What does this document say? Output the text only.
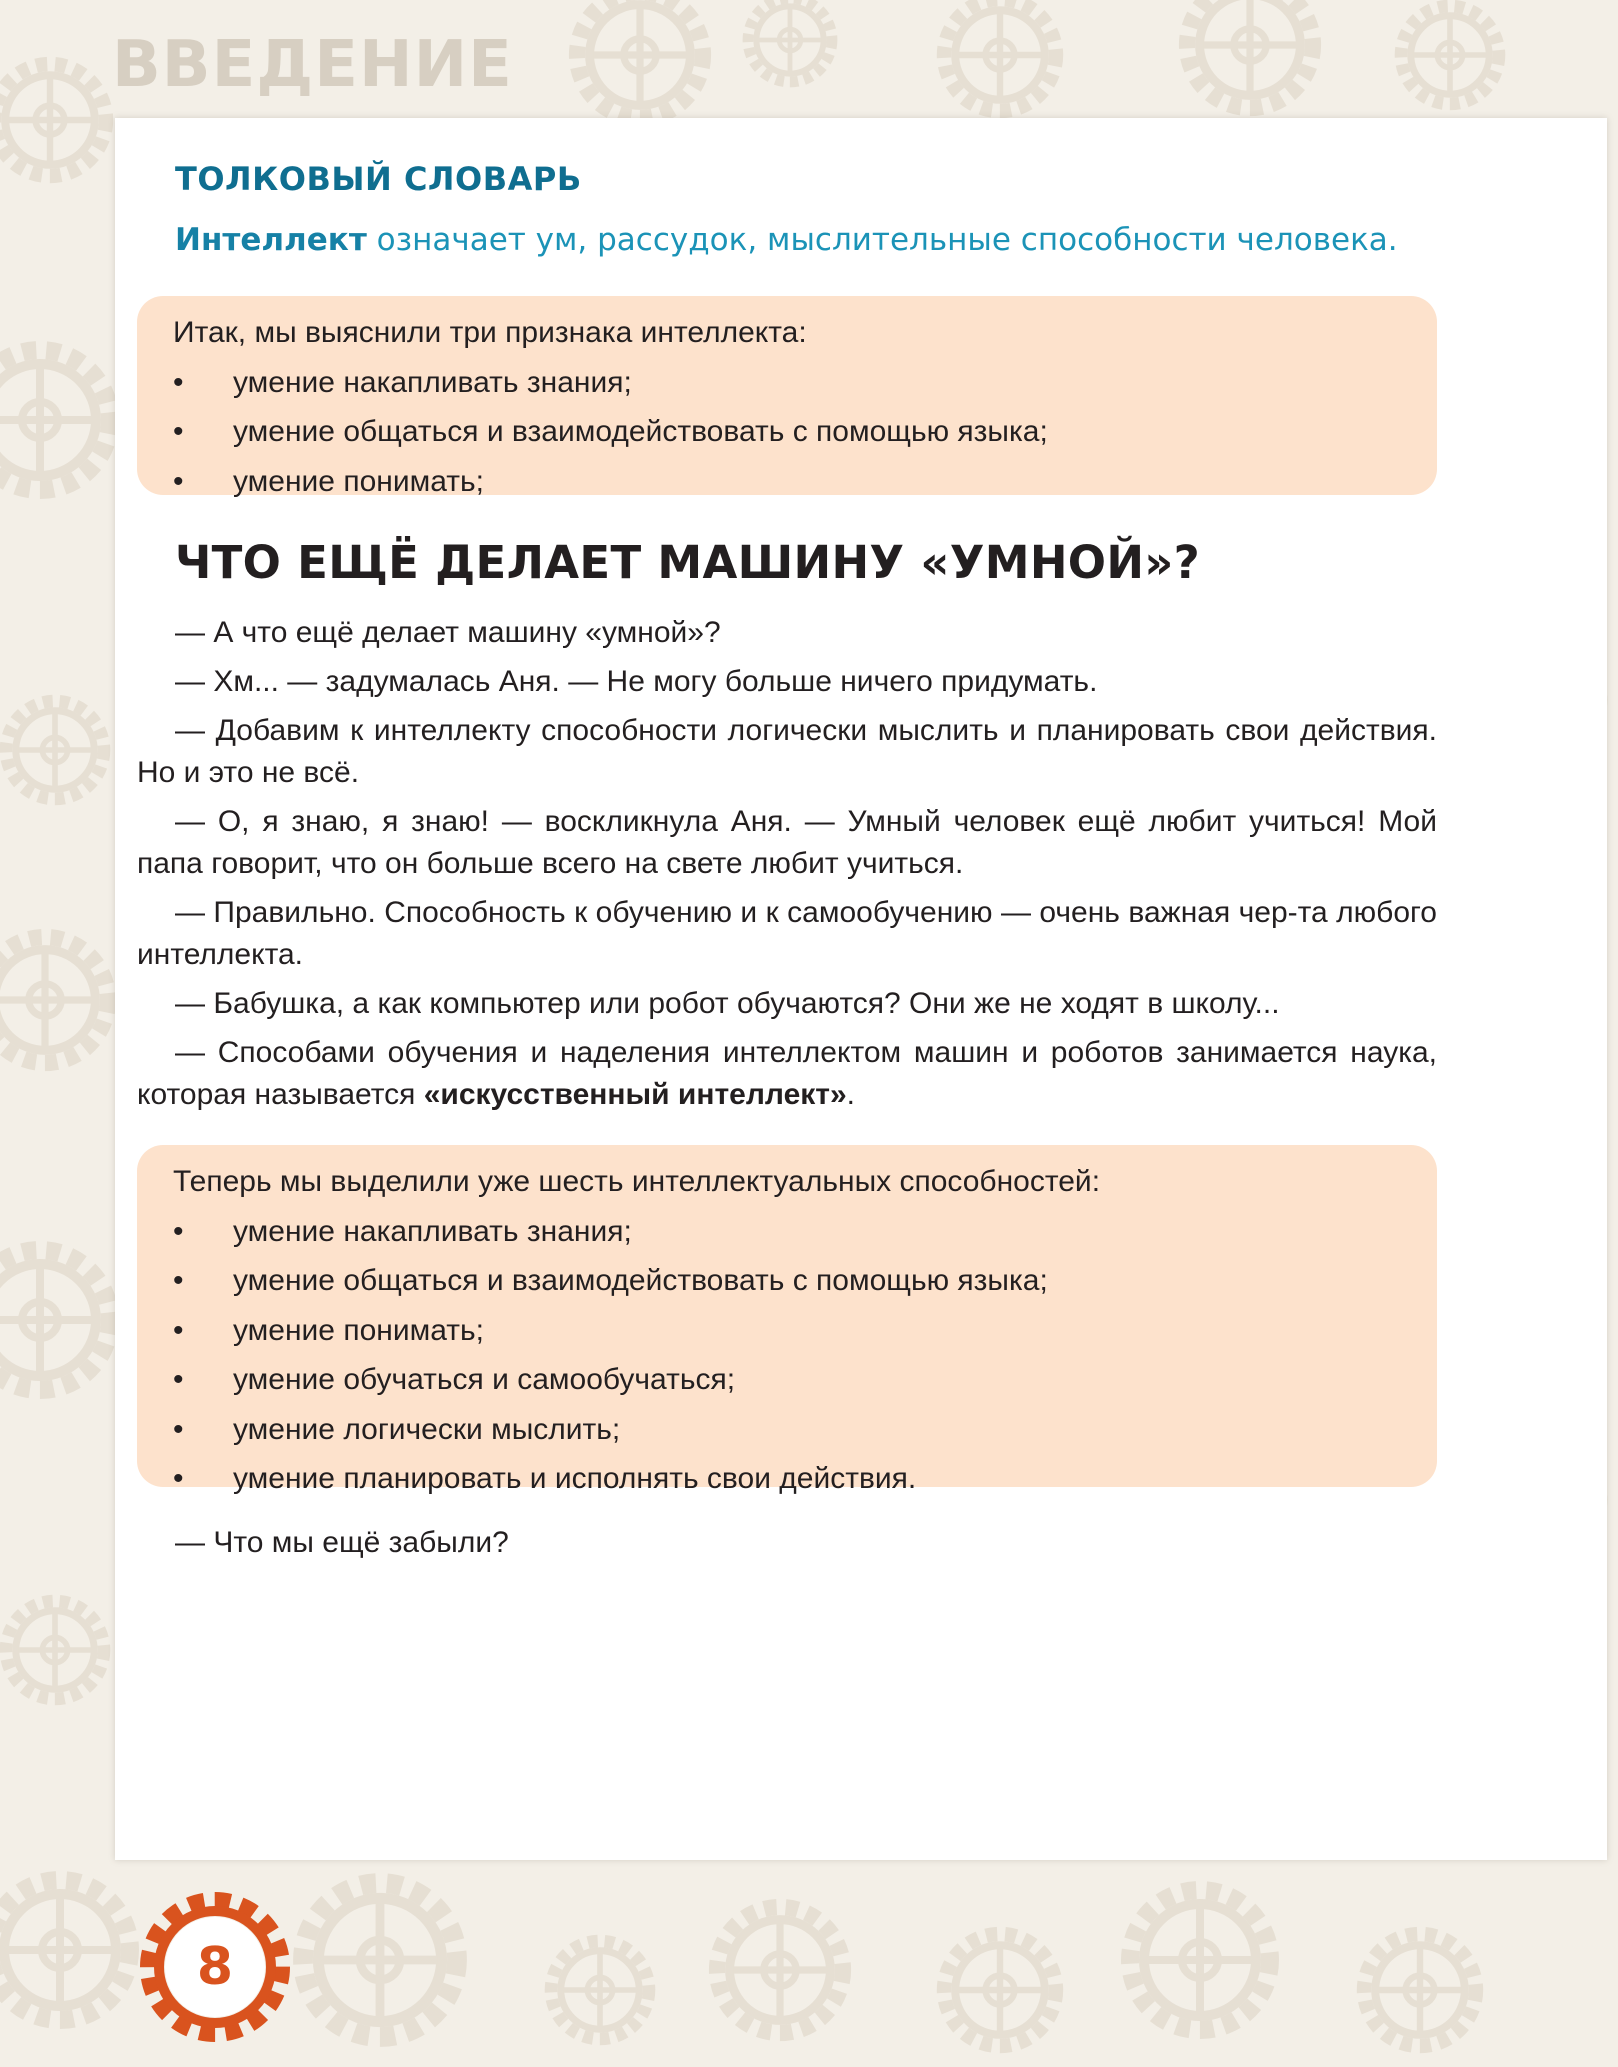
ВВЕДЕНИЕ
ТОЛКОВЫЙ СЛОВАРЬ
Интеллект означает ум, рассудок, мыслительные способности человека.
Итак, мы выяснили три признака интеллекта:
• умение накапливать знания;
• умение общаться и взаимодействовать с помощью языка;
• умение понимать;
ЧТО ЕЩЁ ДЕЛАЕТ МАШИНУ «УМНОЙ»?

— А что ещё делает машину «умной»?

— Хм... — задумалась Аня. — Не могу больше ничего придумать.

— Добавим к интеллекту способности логически мыслить и планировать свои действия. Но и это не всё.

— О, я знаю, я знаю! — воскликнула Аня. — Умный человек ещё любит учиться! Мой папа говорит, что он больше всего на свете любит учиться.

— Правильно. Способность к обучению и к самообучению — очень важная чер-та любого интеллекта.

— Бабушка, а как компьютер или робот обучаются? Они же не ходят в школу...

— Способами обучения и наделения интеллектом машин и роботов занимается наука, которая называется «искусственный интеллект».

Теперь мы выделили уже шесть интеллектуальных способностей:
• умение накапливать знания;
• умение общаться и взаимодействовать с помощью языка;
• умение понимать;
• умение обучаться и самообучаться;
• умение логически мыслить;
• умение планировать и исполнять свои действия.

— Что мы ещё забыли?

8
